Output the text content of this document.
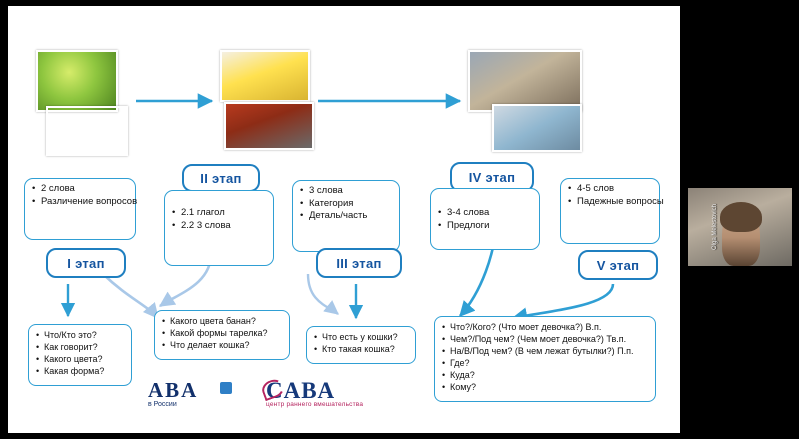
• 2 слова
• Различение вопросов
I этап
II этап
• 2.1 глагол
• 2.2 3 слова
• 3 слова
• Категория
• Деталь/часть
III этап
IV этап
• 3-4 слова
• Предлоги
• 4-5 слов
• Падежные вопросы
V этап
• Что/Кто это?
• Как говорит?
• Какого цвета?
• Какая форма?
• Какого цвета банан?
• Какой формы тарелка?
• Что делает кошка?
• Что есть у кошки?
• Кто такая кошка?
• Что?/Кого? (Что моет девочка?) В.п.
• Чем?/Под чем? (Чем моет девочка?) Тв.п.
• На/В/Под чем? (В чем лежат бутылки?) П.п.
• Где?
• Куда?
• Кому?
ABA
в России
CABA
центр раннего вмешательства
Olga Melestovich
